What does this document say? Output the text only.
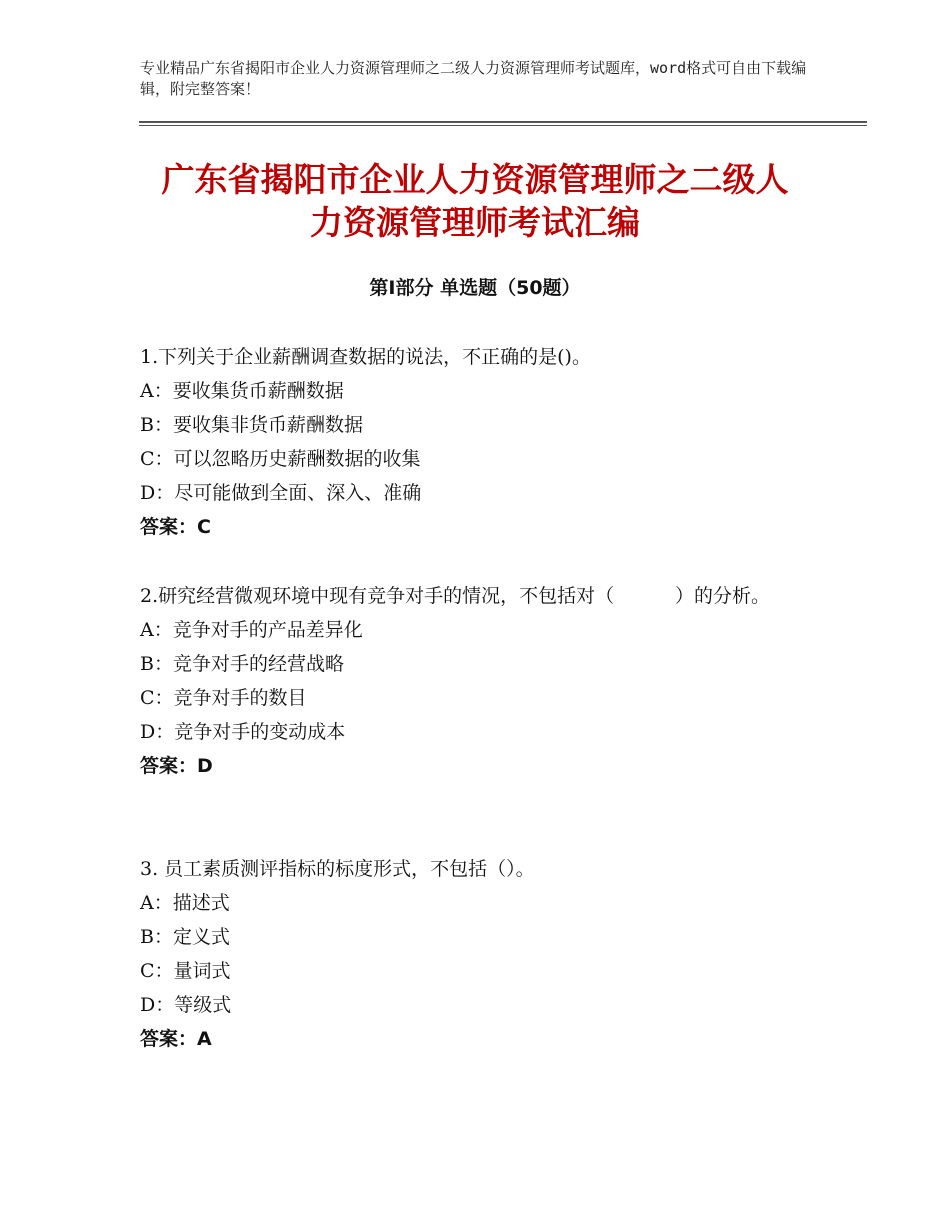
专业精品广东省揭阳市企业人力资源管理师之二级人力资源管理师考试题库，word格式可自由下载编辑，附完整答案！
广东省揭阳市企业人力资源管理师之二级人
力资源管理师考试汇编
第Ⅰ部分 单选题（50题）

1.下列关于企业薪酬调查数据的说法，不正确的是()。

A：要收集货币薪酬数据

B：要收集非货币薪酬数据

C：可以忽略历史薪酬数据的收集

D：尽可能做到全面、深入、准确

答案：C

2.研究经营微观环境中现有竞争对手的情况，不包括对（	）的分析。

A：竞争对手的产品差异化

B：竞争对手的经营战略

C：竞争对手的数目

D：竞争对手的变动成本

答案：D

3. 员工素质测评指标的标度形式，不包括（）。

A：描述式

B：定义式

C：量词式

D：等级式

答案：A
